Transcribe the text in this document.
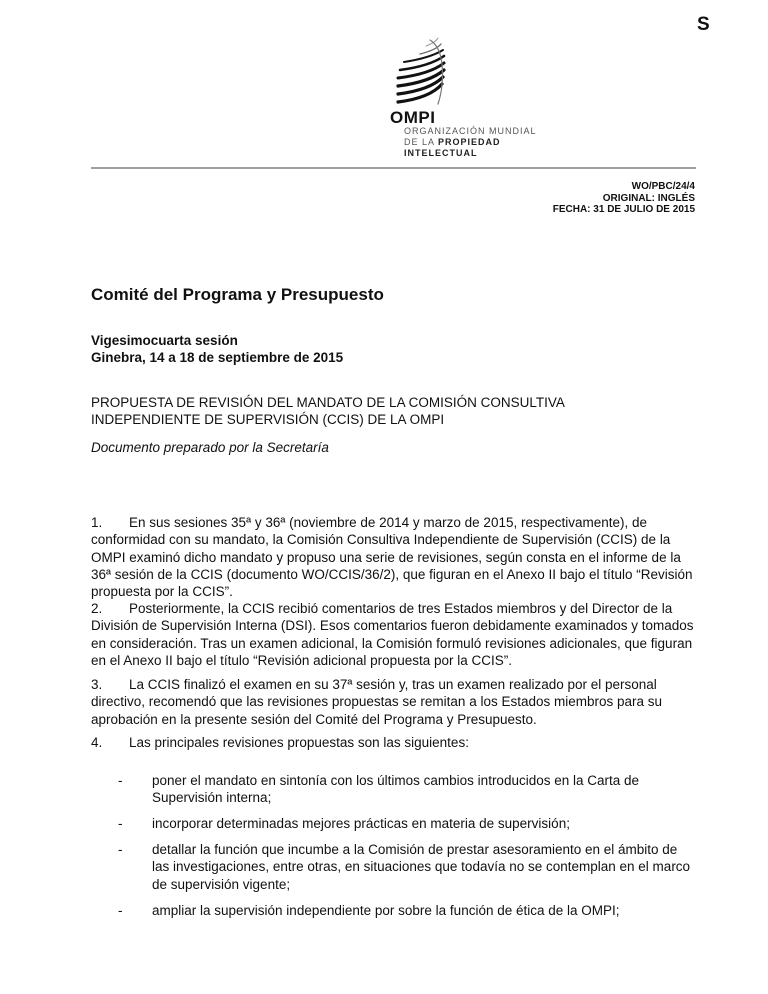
S
OMPI
ORGANIZACIÓN MUNDIAL
DE LA PROPIEDAD
INTELECTUAL
WO/PBC/24/4
ORIGINAL: INGLÉS
FECHA: 31 DE JULIO DE 2015
Comité del Programa y Presupuesto
Vigesimocuarta sesión
Ginebra, 14 a 18 de septiembre de 2015
PROPUESTA DE REVISIÓN DEL MANDATO DE LA COMISIÓN CONSULTIVA
INDEPENDIENTE DE SUPERVISIÓN (CCIS) DE LA OMPI
Documento preparado por la Secretaría
1. En sus sesiones 35ª y 36ª (noviembre de 2014 y marzo de 2015, respectivamente), de conformidad con su mandato, la Comisión Consultiva Independiente de Supervisión (CCIS) de la OMPI examinó dicho mandato y propuso una serie de revisiones, según consta en el informe de la 36ª sesión de la CCIS (documento WO/CCIS/36/2), que figuran en el Anexo II bajo el título “Revisión propuesta por la CCIS”.
2. Posteriormente, la CCIS recibió comentarios de tres Estados miembros y del Director de la División de Supervisión Interna (DSI). Esos comentarios fueron debidamente examinados y tomados en consideración. Tras un examen adicional, la Comisión formuló revisiones adicionales, que figuran en el Anexo II bajo el título “Revisión adicional propuesta por la CCIS”.
3. La CCIS finalizó el examen en su 37ª sesión y, tras un examen realizado por el personal directivo, recomendó que las revisiones propuestas se remitan a los Estados miembros para su aprobación en la presente sesión del Comité del Programa y Presupuesto.
4. Las principales revisiones propuestas son las siguientes:
- poner el mandato en sintonía con los últimos cambios introducidos en la Carta de Supervisión interna;
- incorporar determinadas mejores prácticas en materia de supervisión;
- detallar la función que incumbe a la Comisión de prestar asesoramiento en el ámbito de las investigaciones, entre otras, en situaciones que todavía no se contemplan en el marco de supervisión vigente;
- ampliar la supervisión independiente por sobre la función de ética de la OMPI;
